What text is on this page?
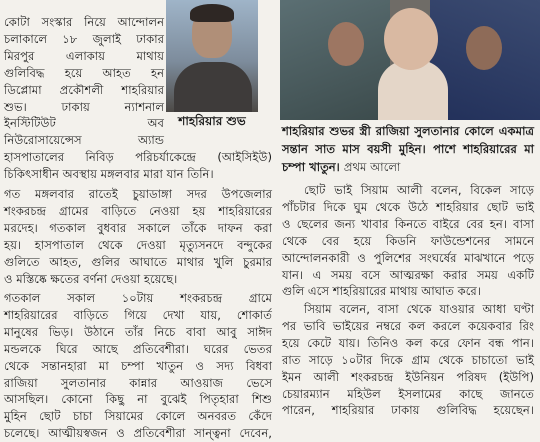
কোটা সংস্কার নিয়ে আন্দোলন
চলাকালে ১৮ জুলাই ঢাকার
মিরপুর এলাকায় মাথায়
গুলিবিদ্ধ হয়ে আহত হন
ডিপ্লোমা প্রকৌশলী শাহরিয়ার
শুভ। ঢাকায় ন্যাশনাল
ইনস্টিটিউট অব
নিউরোসায়েন্সেস অ্যান্ড

হাসপাতালের নিবিড় পরিচর্যাকেন্দ্রে (আইসিইউ)
চিকিৎসাধীন অবস্থায় মঙ্গলবার মারা যান তিনি।

গত মঙ্গলবার রাতেই চুয়াডাঙ্গা সদর উপজেলার
শংকরচন্দ্র গ্রামের বাড়িতে নেওয়া হয় শাহরিয়ারের
মরদেহ। গতকাল বুধবার সকালে তাঁকে দাফন করা
হয়। হাসপাতাল থেকে দেওয়া মৃত্যুসনদে বন্দুকের
গুলিতে আহত, গুলির আঘাতে মাথার খুলি চুরমার
ও মস্তিষ্কে ক্ষতের বর্ণনা দেওয়া হয়েছে।

গতকাল সকাল ১০টায় শংকরচন্দ্র গ্রামে
শাহরিয়ারের বাড়িতে গিয়ে দেখা যায়, শোকার্ত
মানুষের ভিড়। উঠানে তাঁর নিচে বাবা আবু সাঈদ
মন্ডলকে ঘিরে আছে প্রতিবেশীরা। ঘরের ভেতর
থেকে সন্তানহারা মা চম্পা খাতুন ও সদ্য বিধবা
রাজিয়া সুলতানার কান্নার আওয়াজ ভেসে
আসছিল। কোনো কিছু না বুঝেই পিতৃহারা শিশু
মুহিন ছোট চাচা সিয়ামের কোলে অনবরত কেঁদে
চলেছে। আত্মীয়স্বজন ও প্রতিবেশীরা সান্ত্বনা দেবেন,

শাহরিয়ার শুভ

শাহরিয়ার শুভর স্ত্রী রাজিয়া সুলতানার কোলে একমাত্র সন্তান সাত মাস বয়সী মুহিন। পাশে শাহরিয়ারের মা চম্পা খাতুন। প্রথম আলো

ছোট ভাই সিয়াম আলী বলেন, বিকেল সাড়ে
পাঁচটার দিকে ঘুম থেকে উঠে শাহরিয়ার ছোট ভাই
ও ছেলের জন্য খাবার কিনতে বাইরে বের হন। বাসা
থেকে বের হয়ে কিডনি ফাউন্ডেশনের সামনে
আন্দোলনকারী ও পুলিশের সংঘর্ষের মাঝখানে পড়ে
যান। এ সময় বসে আত্মরক্ষা করার সময় একটি
গুলি এসে শাহরিয়ারের মাথায় আঘাত করে।

সিয়াম বলেন, বাসা থেকে যাওয়ার আধা ঘণ্টা
পর ভাবি ভাইয়ের নম্বরে কল করলে কয়েকবার রিং
হয়ে কেটে যায়। তিনিও কল করে ফোন বন্ধ পান।
রাত সাড়ে ১০টার দিকে গ্রাম থেকে চাচাতো ভাই
ইমন আলী শংকরচন্দ্র ইউনিয়ন পরিষদ (ইউপি)
চেয়ারম্যান মহিউল ইসলামের কাছে জানতে
পারেন, শাহরিয়ার ঢাকায় গুলিবিদ্ধ হয়েছেন।
